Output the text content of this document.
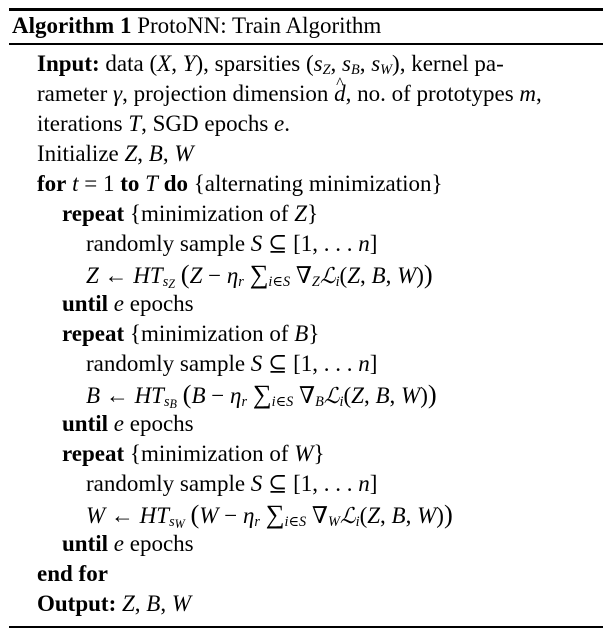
Algorithm 1 ProtoNN: Train Algorithm
Input: data (X, Y), sparsities ($s_Z$, $s_B$, $s_W$), kernel pa-
rameter γ, projection dimension ^ d, no. of prototypes m,
iterations T, SGD epochs e.
Initialize Z, B, W
for t = 1 to T do {alternating minimization}
repeat {minimization of Z}
randomly sample S ⊆ [1, . . . n]
Z ← $HT_{s_Z}$ ($Z - \eta_r$ $\sum_{i\in S}$ $\nabla_Zℒ_i(Z$, B, W))
until e epochs
repeat {minimization of B}
randomly sample S ⊆ [1, . . . n]
B ← $HT_{s_B}$ ($B - \eta_r$ $\sum_{i\in S}$ $\nabla_Bℒ_i(Z$, B, W))
until e epochs
repeat {minimization of W}
randomly sample S ⊆ [1, . . . n]
W ← $HT_{s_W}$ ($W - \eta_r$ $\sum_{i\in S}$ $\nabla_Wℒ_i(Z$, B, W))
until e epochs
end for
Output: Z, B, W
